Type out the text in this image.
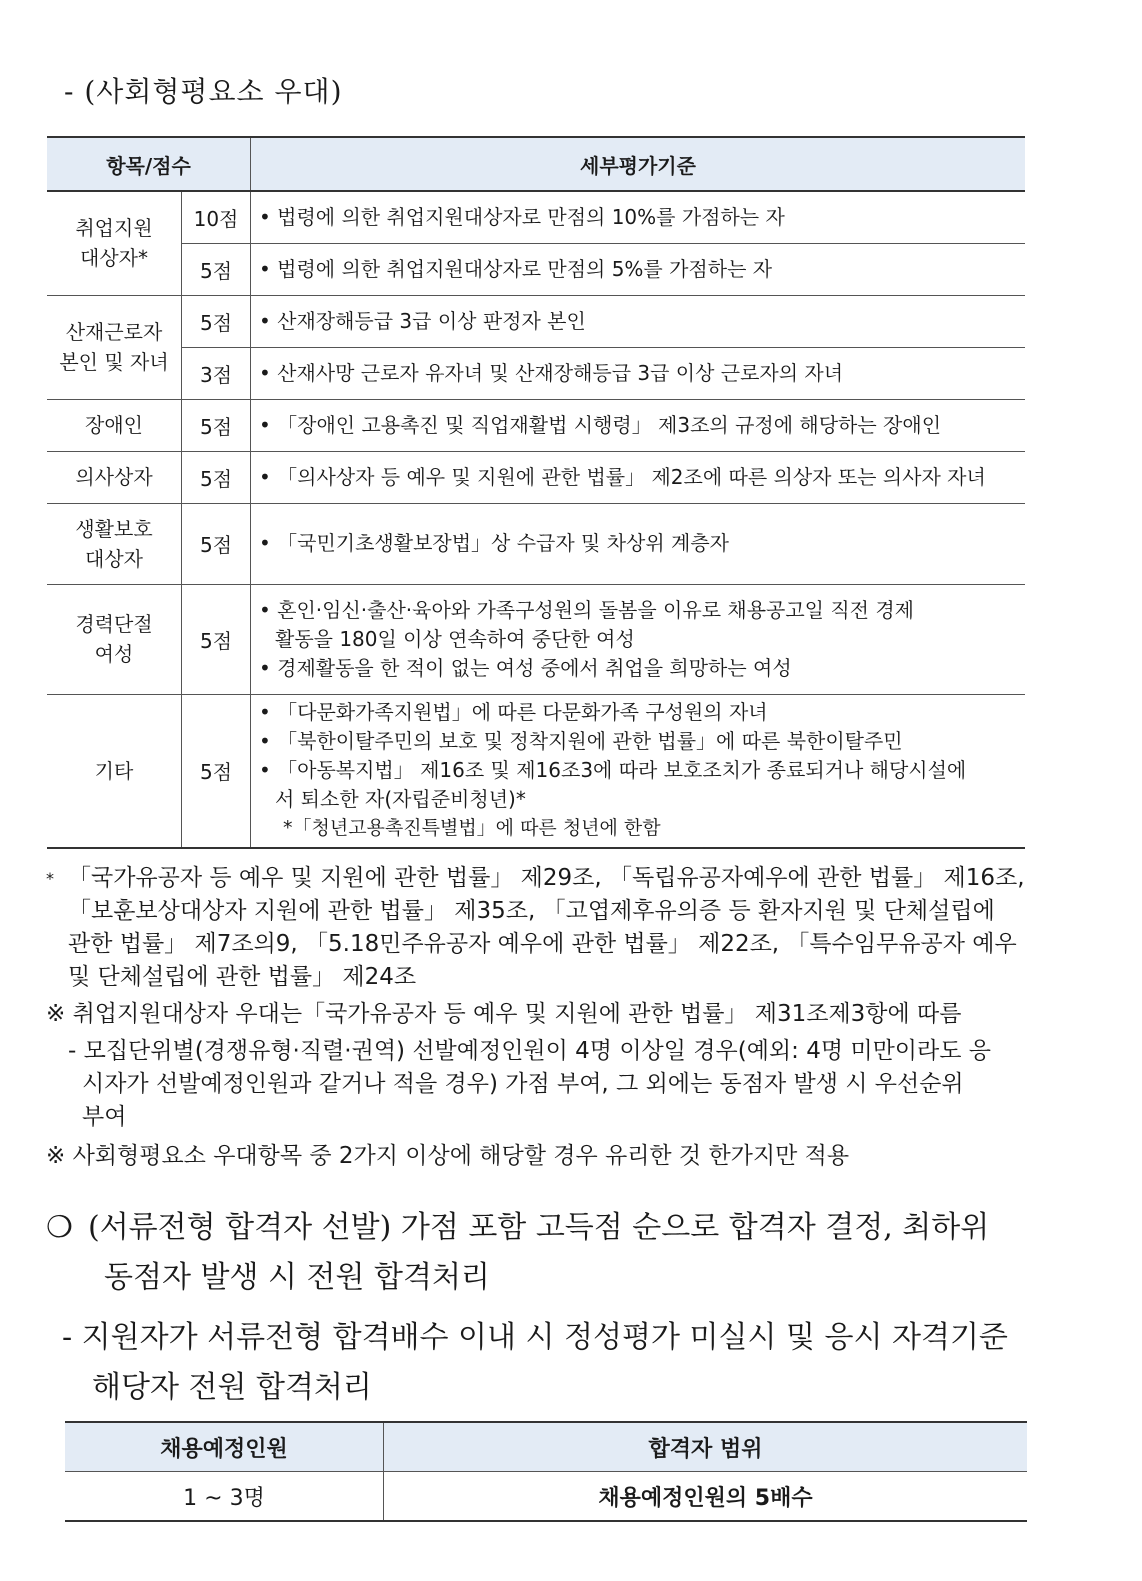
- (사회형평요소 우대)
항목/점수		세부평가기준

취업지원
대상자*	10점	• 법령에 의한 취업지원대상자로 만점의 10%를 가점하는 자
	5점	• 법령에 의한 취업지원대상자로 만점의 5%를 가점하는 자

산재근로자
본인 및 자녀	5점	• 산재장해등급 3급 이상 판정자 본인
	3점	• 산재사망 근로자 유자녀 및 산재장해등급 3급 이상 근로자의 자녀
장애인	5점	• 「장애인 고용촉진 및 직업재활법 시행령」 제3조의 규정에 해당하는 장애인
의사상자	5점	• 「의사상자 등 예우 및 지원에 관한 법률」 제2조에 따른 의상자 또는 의사자 자녀

생활보호
대상자	5점	• 「국민기초생활보장법」상 수급자 및 차상위 계층자

경력단절
여성	5점	• 혼인·임신·출산·육아와 가족구성원의 돌봄을 이유로 채용공고일 직전 경제
활동을 180일 이상 연속하여 중단한 여성
• 경제활동을 한 적이 없는 여성 중에서 취업을 희망하는 여성

기타	5점	• 「다문화가족지원법」에 따른 다문화가족 구성원의 자녀
• 「북한이탈주민의 보호 및 정착지원에 관한 법률」에 따른 북한이탈주민
• 「아동복지법」 제16조 및 제16조3에 따라 보호조치가 종료되거나 해당시설에
서 퇴소한 자(자립준비청년)*
*「청년고용촉진특별법」에 따른 청년에 한함
* 「국가유공자 등 예우 및 지원에 관한 법률」 제29조, 「독립유공자예우에 관한 법률」 제16조,
「보훈보상대상자 지원에 관한 법률」 제35조, 「고엽제후유의증 등 환자지원 및 단체설립에
관한 법률」 제7조의9, 「5.18민주유공자 예우에 관한 법률」 제22조, 「특수임무유공자 예우
및 단체설립에 관한 법률」 제24조
※ 취업지원대상자 우대는「국가유공자 등 예우 및 지원에 관한 법률」 제31조제3항에 따름
- 모집단위별(경쟁유형·직렬·권역) 선발예정인원이 4명 이상일 경우(예외: 4명 미만이라도 응
시자가 선발예정인원과 같거나 적을 경우) 가점 부여, 그 외에는 동점자 발생 시 우선순위
부여
※ 사회형평요소 우대항목 중 2가지 이상에 해당할 경우 유리한 것 한가지만 적용
❍ (서류전형 합격자 선발) 가점 포함 고득점 순으로 합격자 결정, 최하위
동점자 발생 시 전원 합격처리
- 지원자가 서류전형 합격배수 이내 시 정성평가 미실시 및 응시 자격기준
해당자 전원 합격처리
채용예정인원	합격자 범위
1 ~ 3명	채용예정인원의 5배수
